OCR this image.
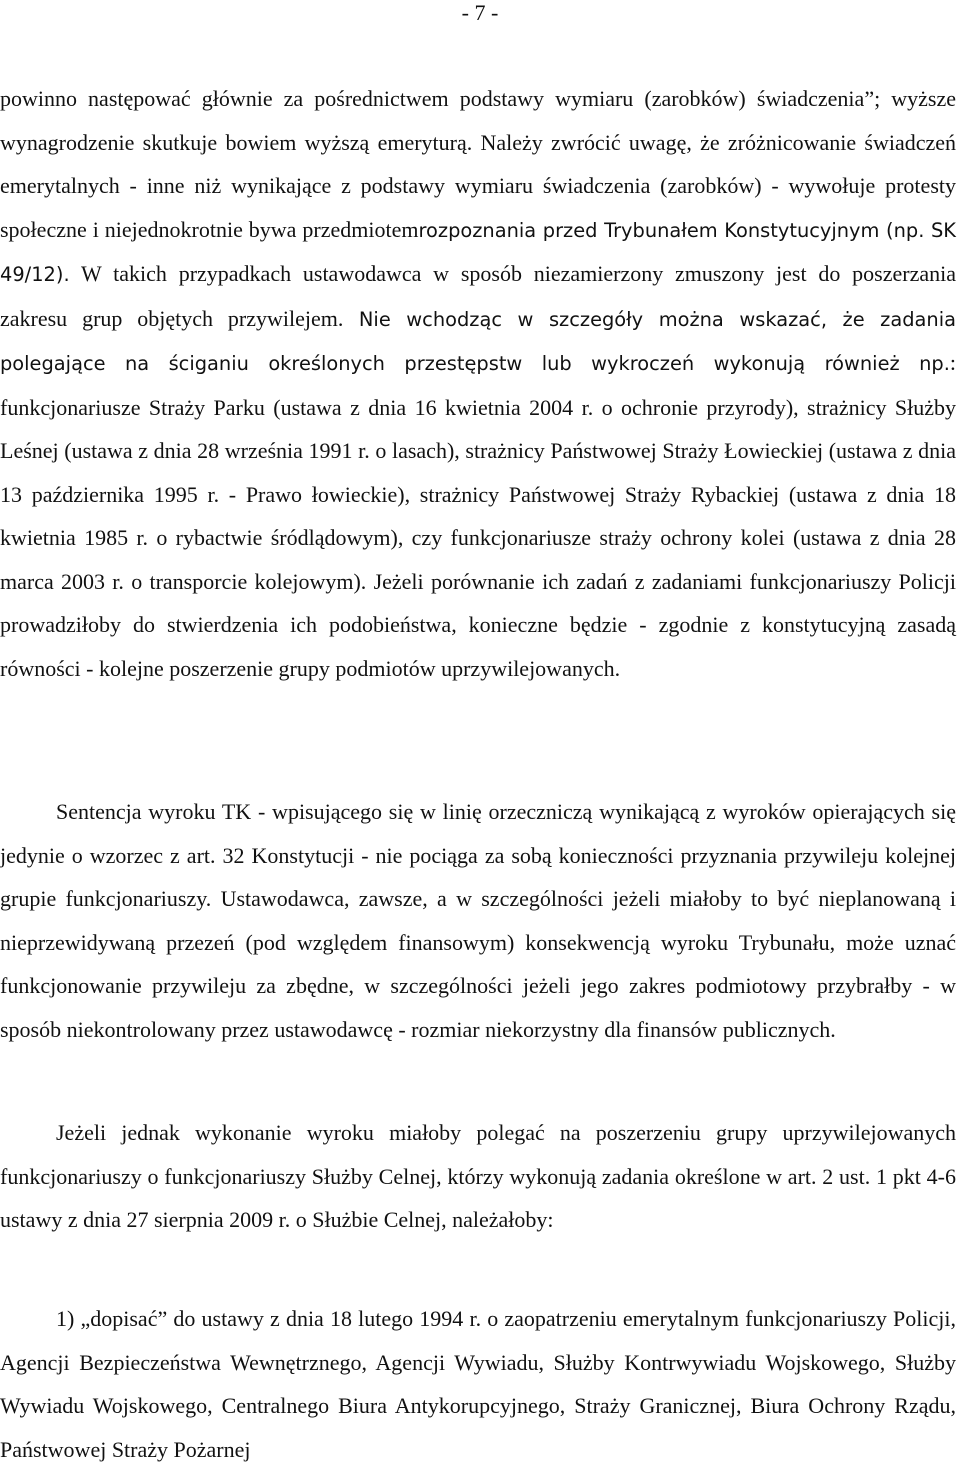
- 7 -

powinno następować głównie za pośrednictwem podstawy wymiaru (zarobków) świadczenia”; wyższe wynagrodzenie skutkuje bowiem wyższą emeryturą. Należy zwrócić uwagę, że zróżnicowanie świadczeń emerytalnych - inne niż wynikające z podstawy wymiaru świadczenia (zarobków) - wywołuje protesty społeczne i niejednokrotnie bywa przedmiotemrozpoznania przed Trybunałem Konstytucyjnym (np. SK 49/12). W takich przypadkach ustawodawca w sposób niezamierzony zmuszony jest do poszerzania zakresu grup objętych przywilejem. Nie wchodząc w szczegóły można wskazać, że zadania polegające na ściganiu określonych przestępstw lub wykroczeń wykonują również np.: funkcjonariusze Straży Parku (ustawa z dnia 16 kwietnia 2004 r. o ochronie przyrody), strażnicy Służby Leśnej (ustawa z dnia 28 września 1991 r. o lasach), strażnicy Państwowej Straży Łowieckiej (ustawa z dnia 13 października 1995 r. - Prawo łowieckie), strażnicy Państwowej Straży Rybackiej (ustawa z dnia 18 kwietnia 1985 r. o rybactwie śródlądowym), czy funkcjonariusze straży ochrony kolei (ustawa z dnia 28 marca 2003 r. o transporcie kolejowym). Jeżeli porównanie ich zadań z zadaniami funkcjonariuszy Policji prowadziłoby do stwierdzenia ich podobieństwa, konieczne będzie - zgodnie z konstytucyjną zasadą równości - kolejne poszerzenie grupy podmiotów uprzywilejowanych.

Sentencja wyroku TK - wpisującego się w linię orzeczniczą wynikającą z wyroków opierających się jedynie o wzorzec z art. 32 Konstytucji - nie pociąga za sobą konieczności przyznania przywileju kolejnej grupie funkcjonariuszy. Ustawodawca, zawsze, a w szczególności jeżeli miałoby to być nieplanowaną i nieprzewidywaną przezeń (pod względem finansowym) konsekwencją wyroku Trybunału, może uznać funkcjonowanie przywileju za zbędne, w szczególności jeżeli jego zakres podmiotowy przybrałby - w sposób niekontrolowany przez ustawodawcę - rozmiar niekorzystny dla finansów publicznych.

Jeżeli jednak wykonanie wyroku miałoby polegać na poszerzeniu grupy uprzywilejowanych funkcjonariuszy o funkcjonariuszy Służby Celnej, którzy wykonują zadania określone w art. 2 ust. 1 pkt 4-6 ustawy z dnia 27 sierpnia 2009 r. o Służbie Celnej, należałoby:

1) „dopisać” do ustawy z dnia 18 lutego 1994 r. o zaopatrzeniu emerytalnym funkcjonariuszy Policji, Agencji Bezpieczeństwa Wewnętrznego, Agencji Wywiadu, Służby Kontrwywiadu Wojskowego, Służby Wywiadu Wojskowego, Centralnego Biura Antykorupcyjnego, Straży Granicznej, Biura Ochrony Rządu, Państwowej Straży Pożarnej
